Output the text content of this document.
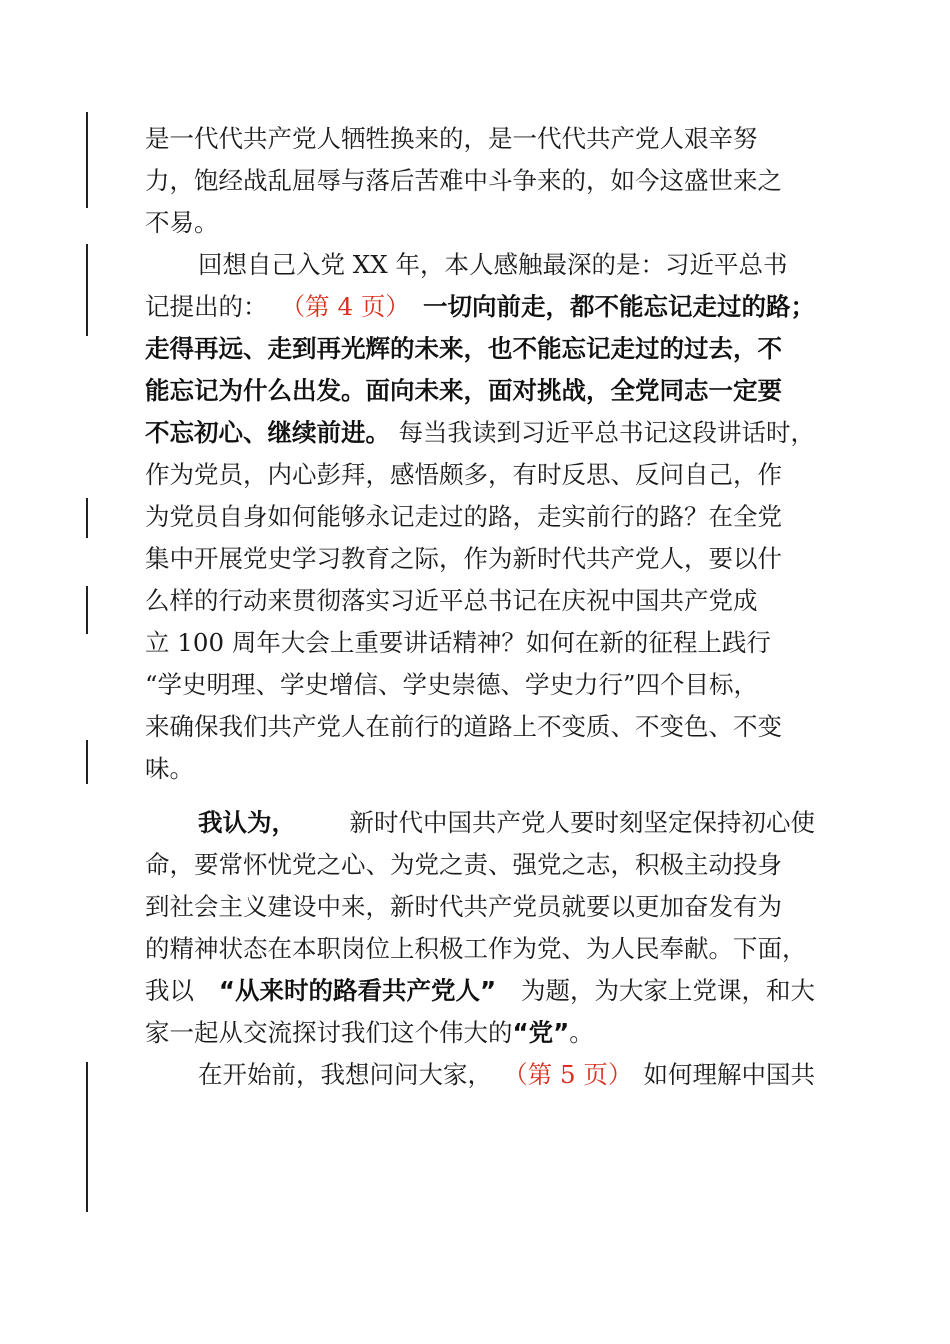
是一代代共产党人牺牲换来的，是一代代共产党人艰辛努
力，饱经战乱屈辱与落后苦难中斗争来的，如今这盛世来之
不易。
回想自己入党 XX 年，本人感触最深的是：习近平总书
记提出的： （第 4 页） 一切向前走，都不能忘记走过的路；
走得再远、走到再光辉的未来，也不能忘记走过的过去，不
能忘记为什么出发。面向未来，面对挑战，全党同志一定要
不忘初心、继续前进。 每当我读到习近平总书记这段讲话时，
作为党员，内心彭拜，感悟颇多，有时反思、反问自己，作
为党员自身如何能够永记走过的路，走实前行的路？在全党
集中开展党史学习教育之际，作为新时代共产党人，要以什
么样的行动来贯彻落实习近平总书记在庆祝中国共产党成
立 100 周年大会上重要讲话精神？如何在新的征程上践行
“学史明理、学史增信、学史崇德、学史力行”四个目标，
来确保我们共产党人在前行的道路上不变质、不变色、不变
味。
我认为， 新时代中国共产党人要时刻坚定保持初心使
命，要常怀忧党之心、为党之责、强党之志，积极主动投身
到社会主义建设中来，新时代共产党员就要以更加奋发有为
的精神状态在本职岗位上积极工作为党、为人民奉献。下面，
我以 “从来时的路看共产党人” 为题，为大家上党课，和大
家一起从交流探讨我们这个伟大的 “党” 。
在开始前，我想问问大家， （第 5 页） 如何理解中国共
